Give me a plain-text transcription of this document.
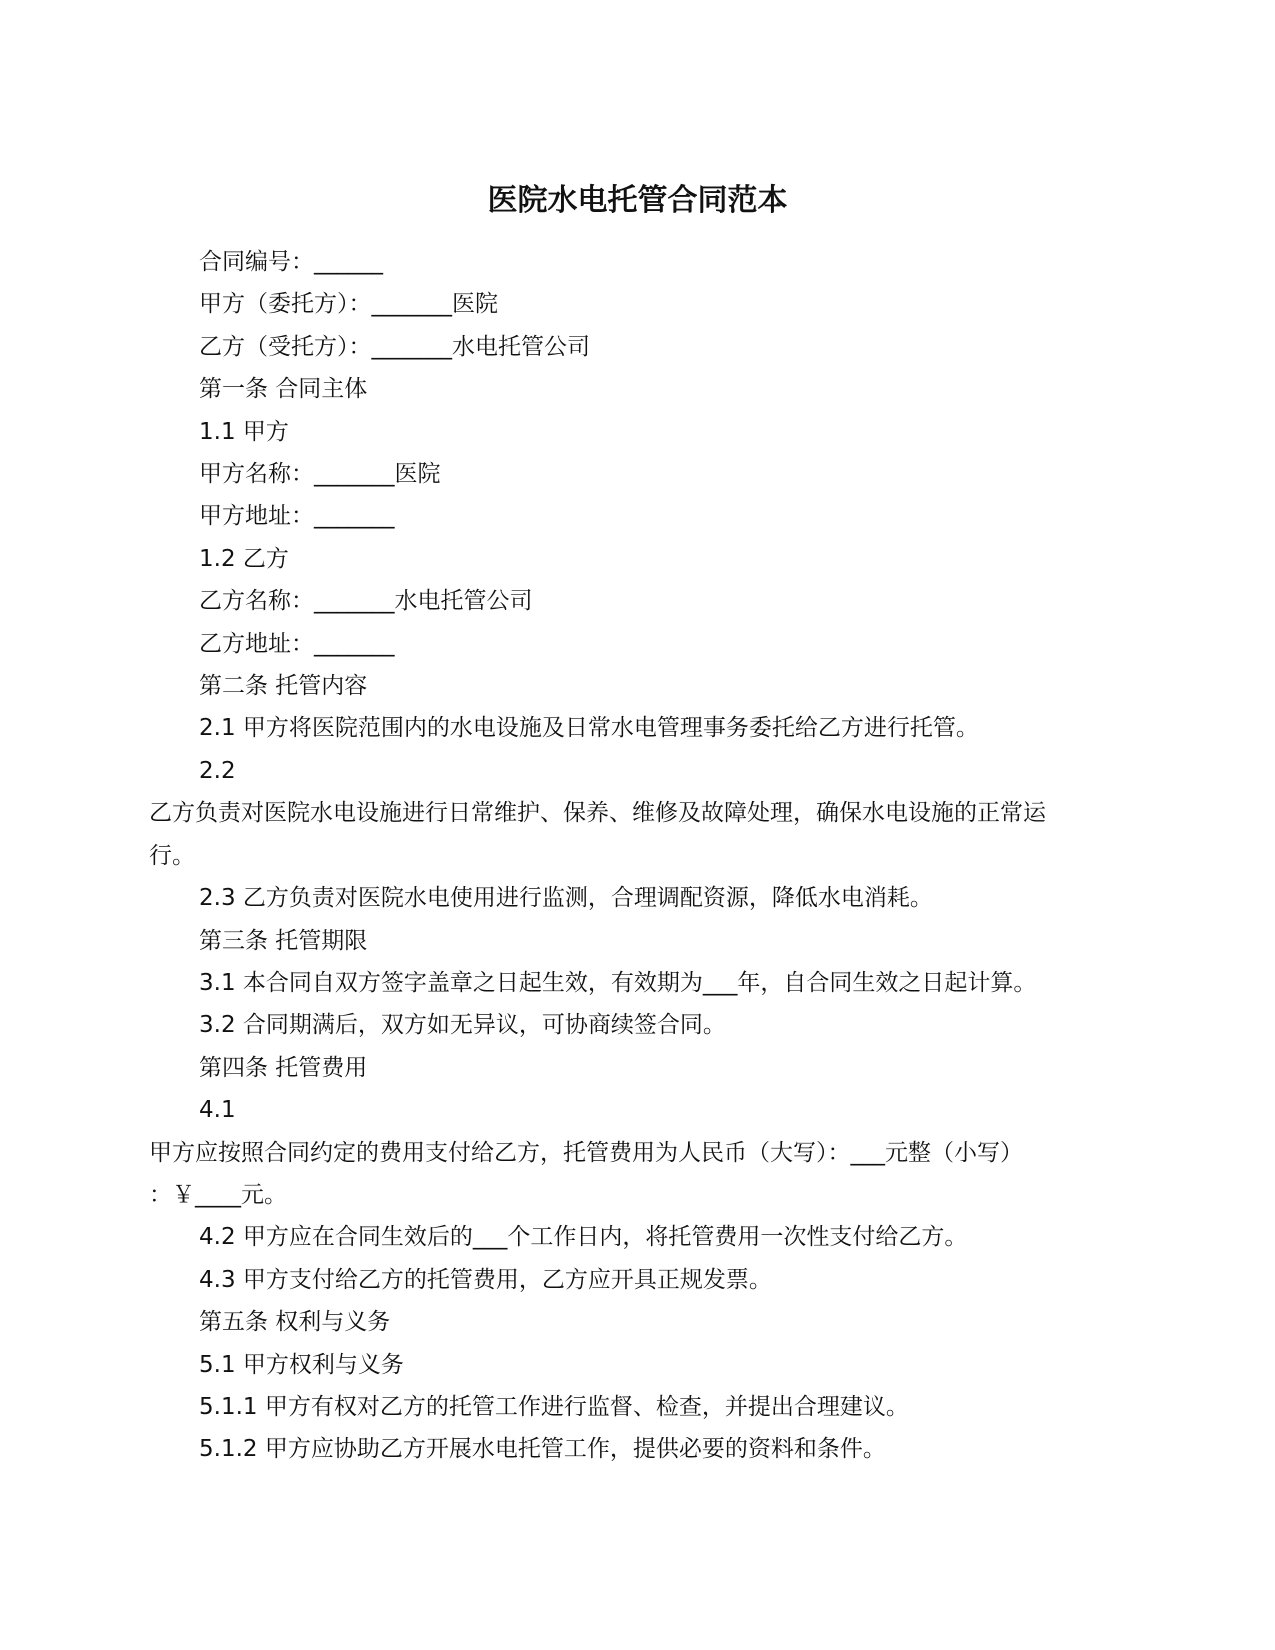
医院水电托管合同范本

合同编号：______

甲方（委托方）：_______医院

乙方（受托方）：_______水电托管公司

第一条 合同主体

1.1 甲方

甲方名称：_______医院

甲方地址：_______

1.2 乙方

乙方名称：_______水电托管公司

乙方地址：_______

第二条 托管内容

2.1 甲方将医院范围内的水电设施及日常水电管理事务委托给乙方进行托管。

2.2

乙方负责对医院水电设施进行日常维护、保养、维修及故障处理，确保水电设施的正常运

行。

2.3 乙方负责对医院水电使用进行监测，合理调配资源，降低水电消耗。

第三条 托管期限

3.1 本合同自双方签字盖章之日起生效，有效期为___年，自合同生效之日起计算。

3.2 合同期满后，双方如无异议，可协商续签合同。

第四条 托管费用

4.1

甲方应按照合同约定的费用支付给乙方，托管费用为人民币（大写）：___元整（小写）

：￥____元。

4.2 甲方应在合同生效后的___个工作日内，将托管费用一次性支付给乙方。

4.3 甲方支付给乙方的托管费用，乙方应开具正规发票。

第五条 权利与义务

5.1 甲方权利与义务

5.1.1 甲方有权对乙方的托管工作进行监督、检查，并提出合理建议。

5.1.2 甲方应协助乙方开展水电托管工作，提供必要的资料和条件。
